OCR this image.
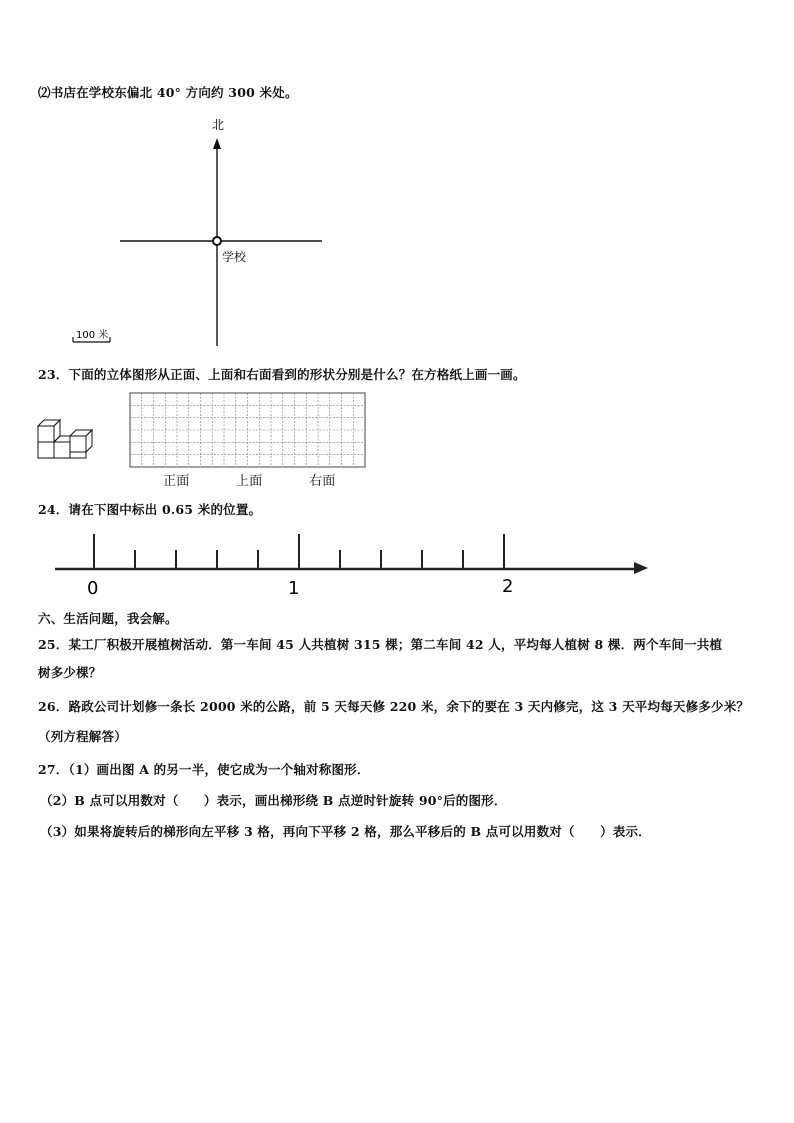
⑵书店在学校东偏北 40° 方向约 300 米处。
北
学校
100 米
23．下面的立体图形从正面、上面和右面看到的形状分别是什么？在方格纸上画一画。
正面	上面	右面
24．请在下图中标出 0.65 米的位置。
0	1	2
六、生活问题，我会解。
25．某工厂积极开展植树活动．第一车间 45 人共植树 315 棵；第二车间 42 人，平均每人植树 8 棵．两个车间一共植
树多少棵？
26．路政公司计划修一条长 2000 米的公路，前 5 天每天修 220 米，余下的要在 3 天内修完，这 3 天平均每天修多少米？
（列方程解答）
27．（1）画出图 A 的另一半，使它成为一个轴对称图形．
（2）B 点可以用数对（　　）表示，画出梯形绕 B 点逆时针旋转 90°后的图形．
（3）如果将旋转后的梯形向左平移 3 格，再向下平移 2 格，那么平移后的 B 点可以用数对（　　）表示．
